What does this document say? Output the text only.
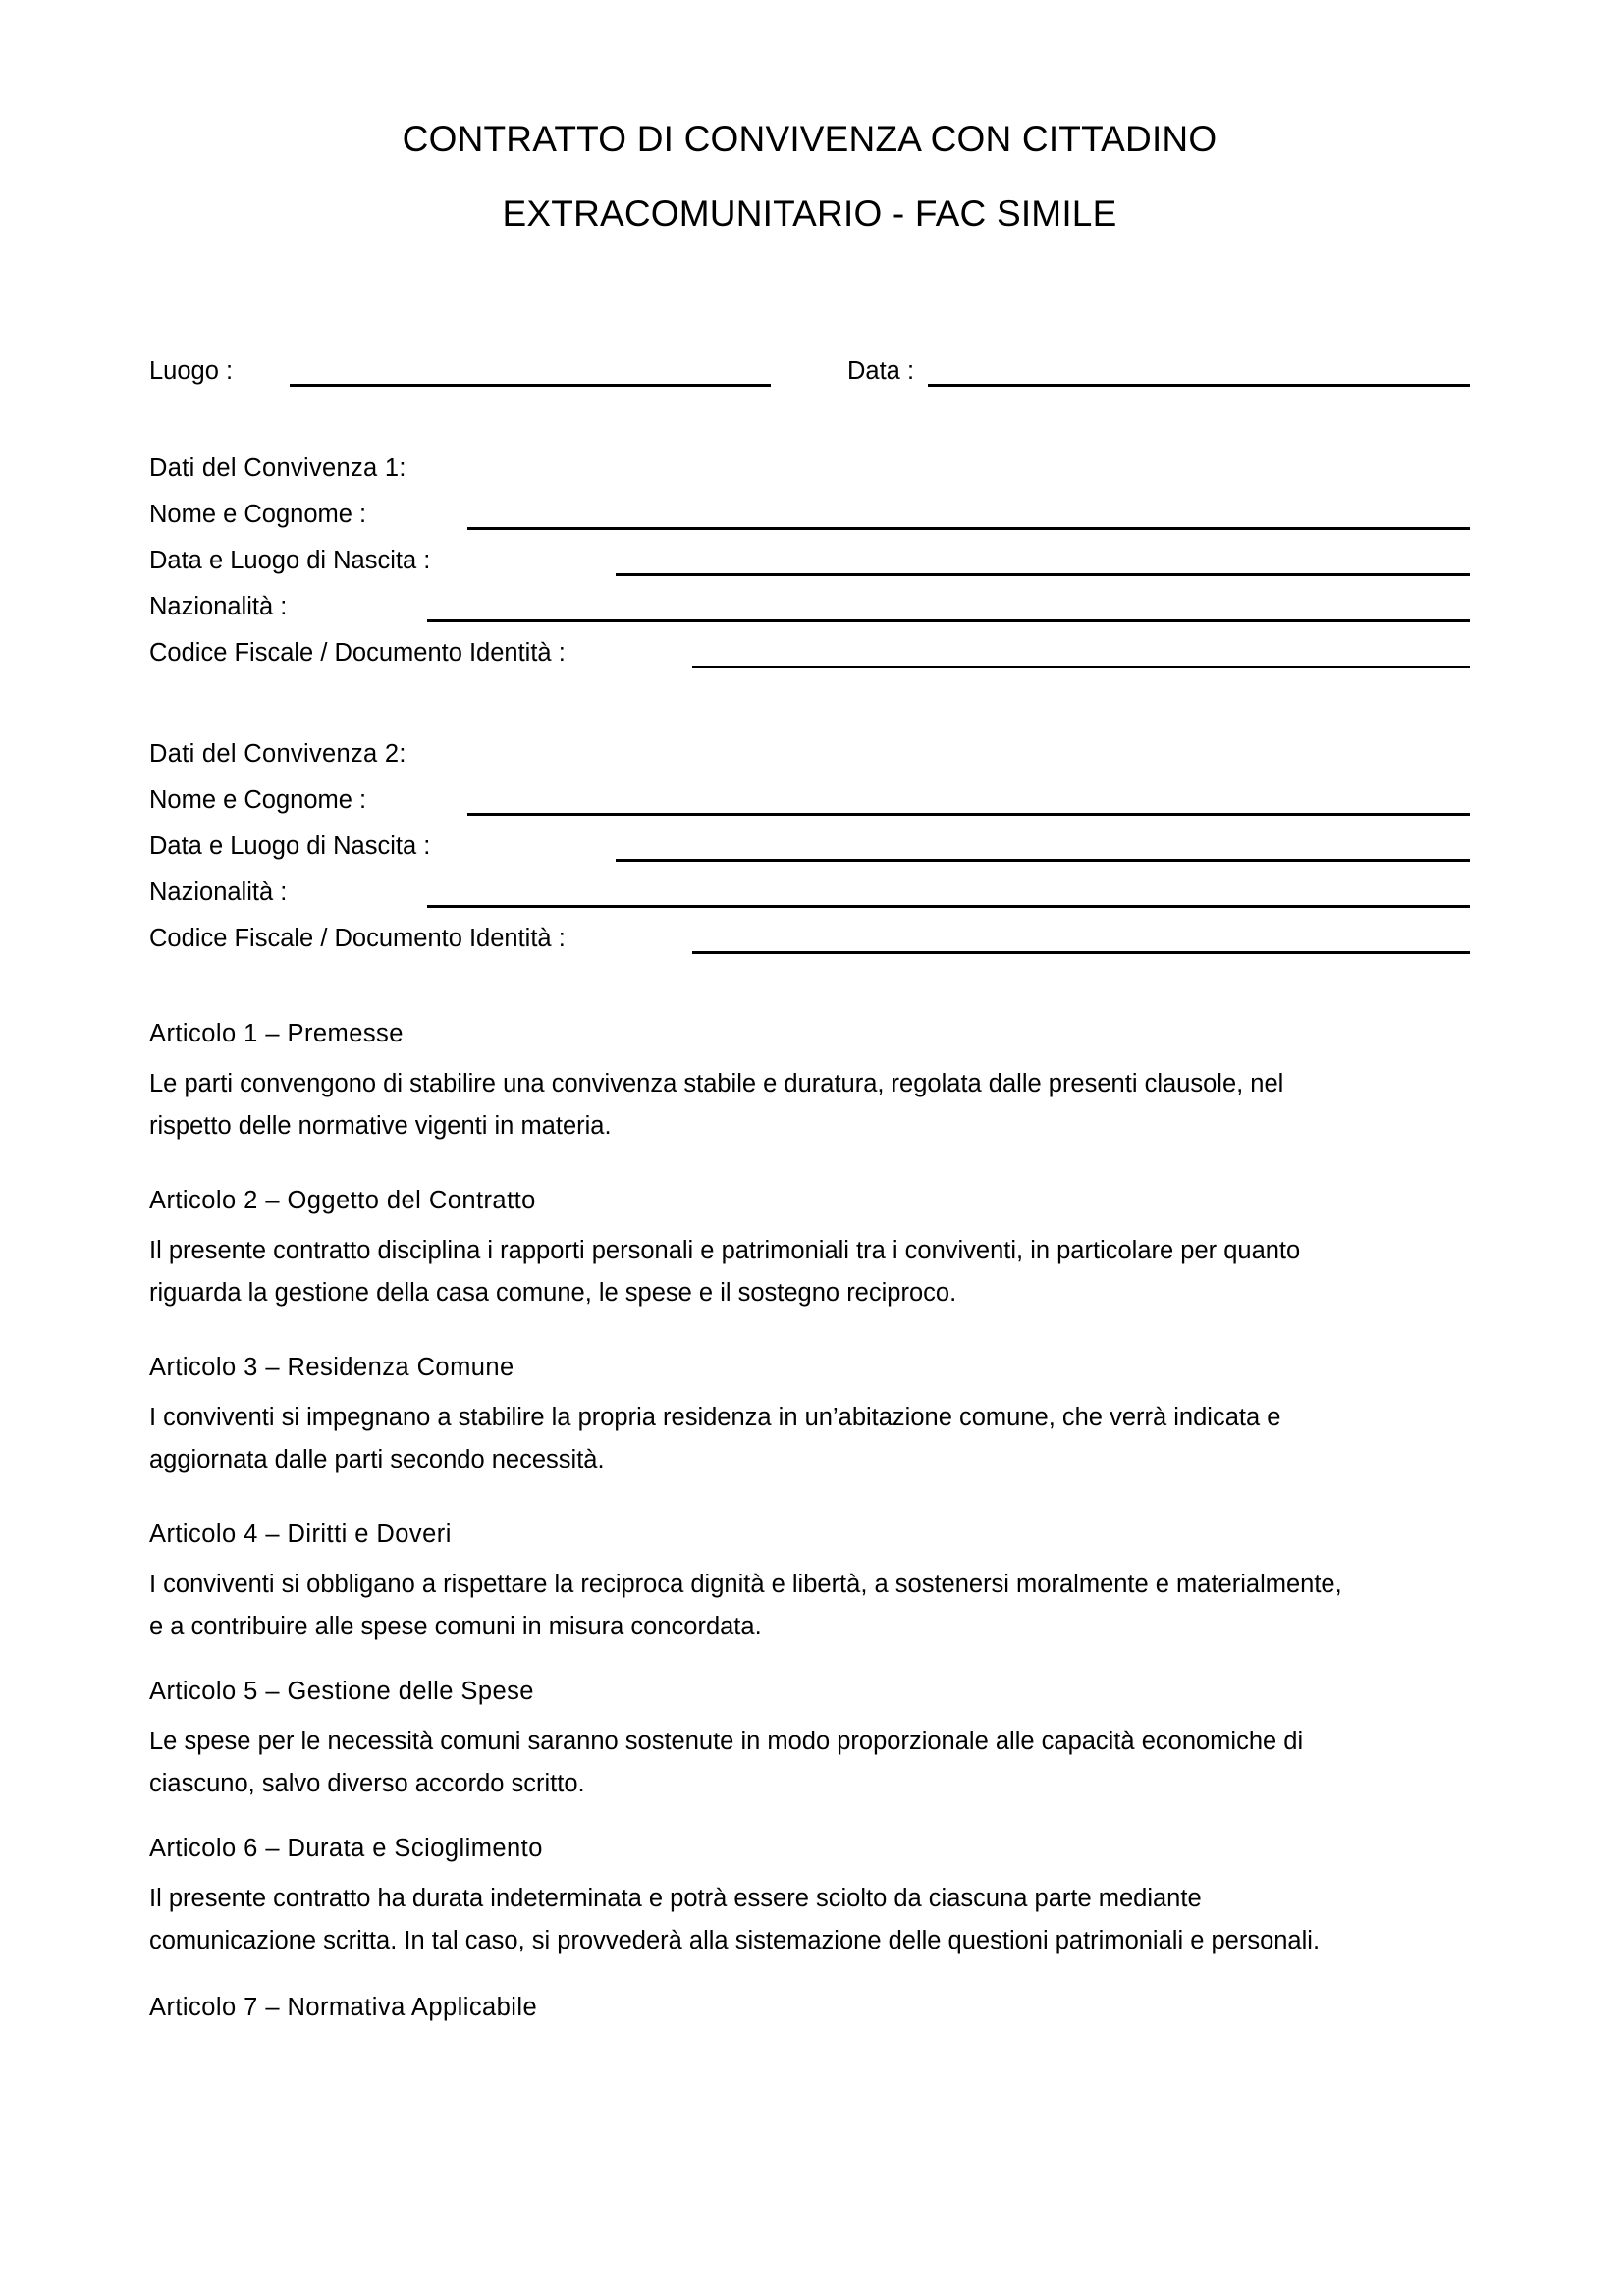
CONTRATTO DI CONVIVENZA CON CITTADINO
EXTRACOMUNITARIO - FAC SIMILE
Luogo :	Data :
Dati del Convivenza 1:
Nome e Cognome :
Data e Luogo di Nascita :
Nazionalità :
Codice Fiscale / Documento Identità :
Dati del Convivenza 2:
Nome e Cognome :
Data e Luogo di Nascita :
Nazionalità :
Codice Fiscale / Documento Identità :
Articolo 1 – Premesse
Le parti convengono di stabilire una convivenza stabile e duratura, regolata dalle presenti clausole, nel
rispetto delle normative vigenti in materia.
Articolo 2 – Oggetto del Contratto
Il presente contratto disciplina i rapporti personali e patrimoniali tra i conviventi, in particolare per quanto
riguarda la gestione della casa comune, le spese e il sostegno reciproco.
Articolo 3 – Residenza Comune
I conviventi si impegnano a stabilire la propria residenza in un’abitazione comune, che verrà indicata e
aggiornata dalle parti secondo necessità.
Articolo 4 – Diritti e Doveri
I conviventi si obbligano a rispettare la reciproca dignità e libertà, a sostenersi moralmente e materialmente,
e a contribuire alle spese comuni in misura concordata.
Articolo 5 – Gestione delle Spese
Le spese per le necessità comuni saranno sostenute in modo proporzionale alle capacità economiche di
ciascuno, salvo diverso accordo scritto.
Articolo 6 – Durata e Scioglimento
Il presente contratto ha durata indeterminata e potrà essere sciolto da ciascuna parte mediante
comunicazione scritta. In tal caso, si provvederà alla sistemazione delle questioni patrimoniali e personali.
Articolo 7 – Normativa Applicabile
